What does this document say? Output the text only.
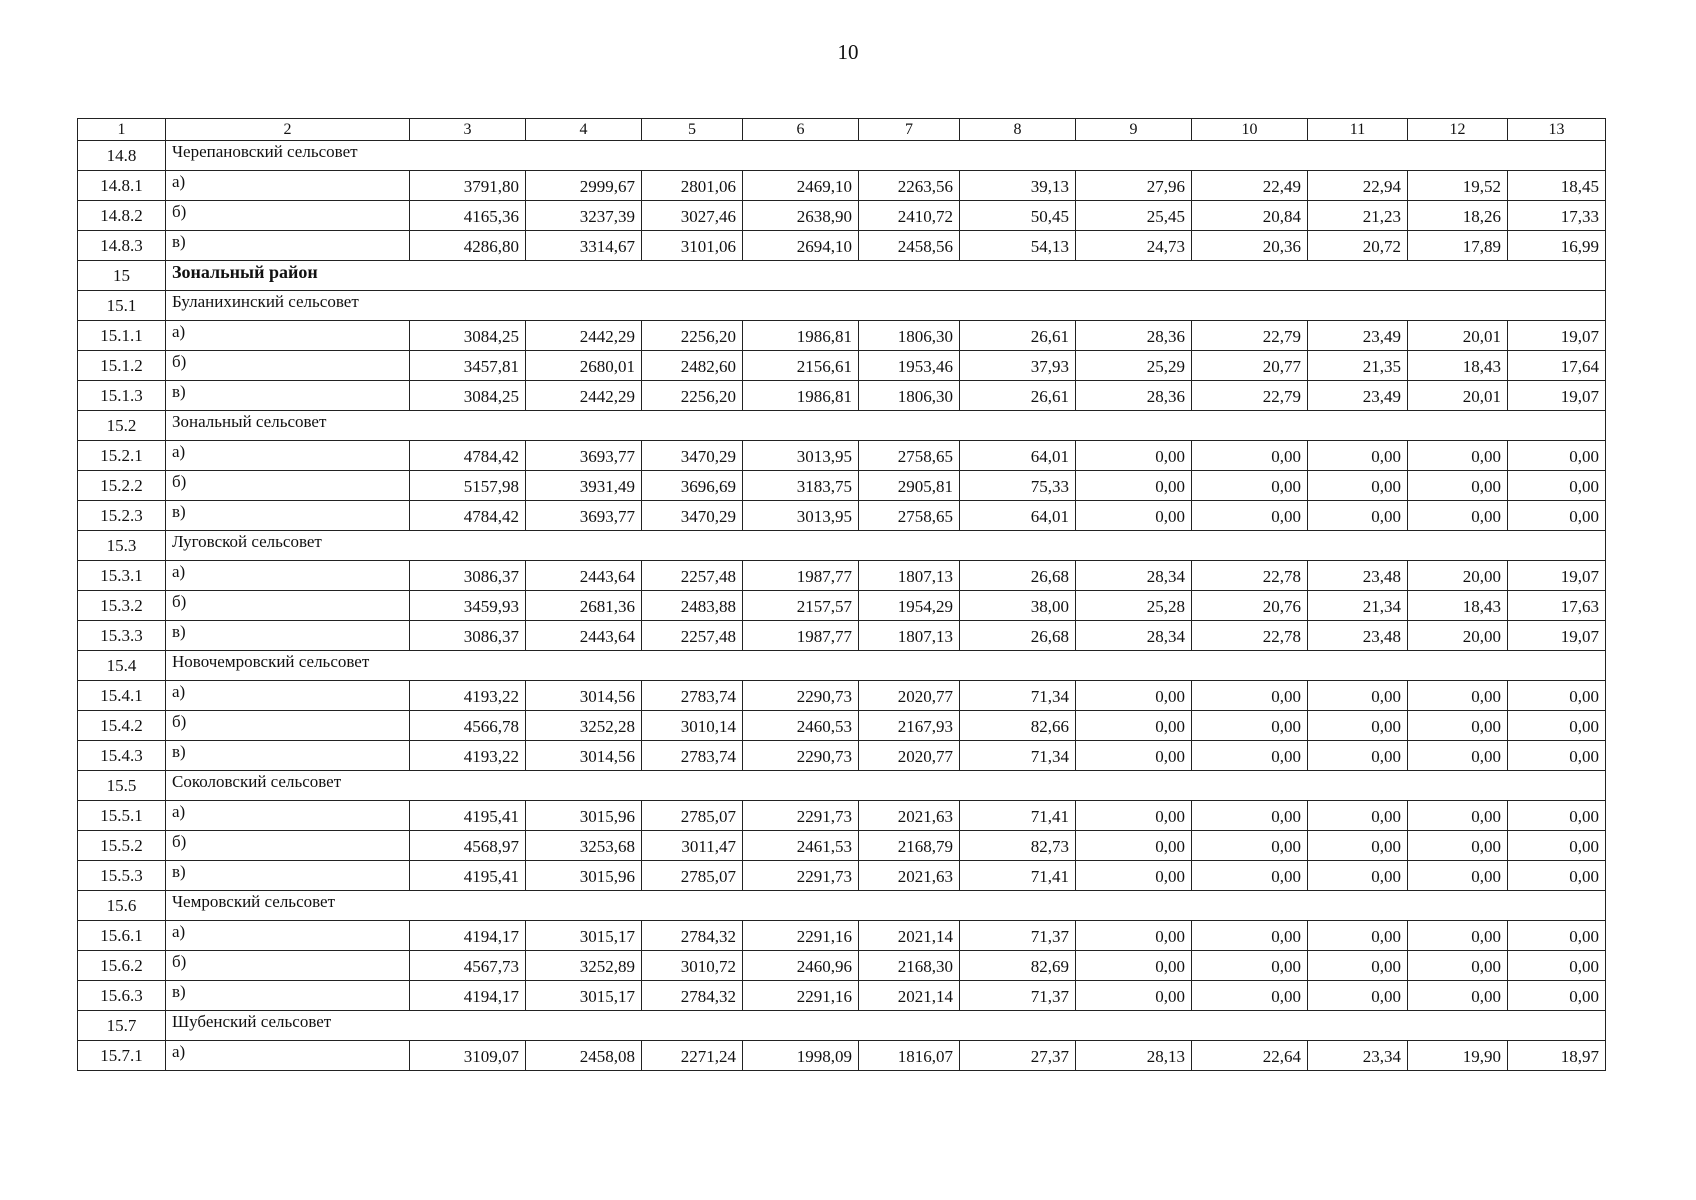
10
1	2	3	4	5	6	7	8	9	10	11	12	13
14.8	Черепановский сельсовет											
14.8.1	а)	3791,80	2999,67	2801,06	2469,10	2263,56	39,13	27,96	22,49	22,94	19,52	18,45
14.8.2	б)	4165,36	3237,39	3027,46	2638,90	2410,72	50,45	25,45	20,84	21,23	18,26	17,33
14.8.3	в)	4286,80	3314,67	3101,06	2694,10	2458,56	54,13	24,73	20,36	20,72	17,89	16,99
15	Зональный район											
15.1	Буланихинский сельсовет											
15.1.1	а)	3084,25	2442,29	2256,20	1986,81	1806,30	26,61	28,36	22,79	23,49	20,01	19,07
15.1.2	б)	3457,81	2680,01	2482,60	2156,61	1953,46	37,93	25,29	20,77	21,35	18,43	17,64
15.1.3	в)	3084,25	2442,29	2256,20	1986,81	1806,30	26,61	28,36	22,79	23,49	20,01	19,07
15.2	Зональный сельсовет											
15.2.1	а)	4784,42	3693,77	3470,29	3013,95	2758,65	64,01	0,00	0,00	0,00	0,00	0,00
15.2.2	б)	5157,98	3931,49	3696,69	3183,75	2905,81	75,33	0,00	0,00	0,00	0,00	0,00
15.2.3	в)	4784,42	3693,77	3470,29	3013,95	2758,65	64,01	0,00	0,00	0,00	0,00	0,00
15.3	Луговской сельсовет											
15.3.1	а)	3086,37	2443,64	2257,48	1987,77	1807,13	26,68	28,34	22,78	23,48	20,00	19,07
15.3.2	б)	3459,93	2681,36	2483,88	2157,57	1954,29	38,00	25,28	20,76	21,34	18,43	17,63
15.3.3	в)	3086,37	2443,64	2257,48	1987,77	1807,13	26,68	28,34	22,78	23,48	20,00	19,07
15.4	Новочемровский сельсовет											
15.4.1	а)	4193,22	3014,56	2783,74	2290,73	2020,77	71,34	0,00	0,00	0,00	0,00	0,00
15.4.2	б)	4566,78	3252,28	3010,14	2460,53	2167,93	82,66	0,00	0,00	0,00	0,00	0,00
15.4.3	в)	4193,22	3014,56	2783,74	2290,73	2020,77	71,34	0,00	0,00	0,00	0,00	0,00
15.5	Соколовский сельсовет											
15.5.1	а)	4195,41	3015,96	2785,07	2291,73	2021,63	71,41	0,00	0,00	0,00	0,00	0,00
15.5.2	б)	4568,97	3253,68	3011,47	2461,53	2168,79	82,73	0,00	0,00	0,00	0,00	0,00
15.5.3	в)	4195,41	3015,96	2785,07	2291,73	2021,63	71,41	0,00	0,00	0,00	0,00	0,00
15.6	Чемровский сельсовет											
15.6.1	а)	4194,17	3015,17	2784,32	2291,16	2021,14	71,37	0,00	0,00	0,00	0,00	0,00
15.6.2	б)	4567,73	3252,89	3010,72	2460,96	2168,30	82,69	0,00	0,00	0,00	0,00	0,00
15.6.3	в)	4194,17	3015,17	2784,32	2291,16	2021,14	71,37	0,00	0,00	0,00	0,00	0,00
15.7	Шубенский сельсовет											
15.7.1	а)	3109,07	2458,08	2271,24	1998,09	1816,07	27,37	28,13	22,64	23,34	19,90	18,97
